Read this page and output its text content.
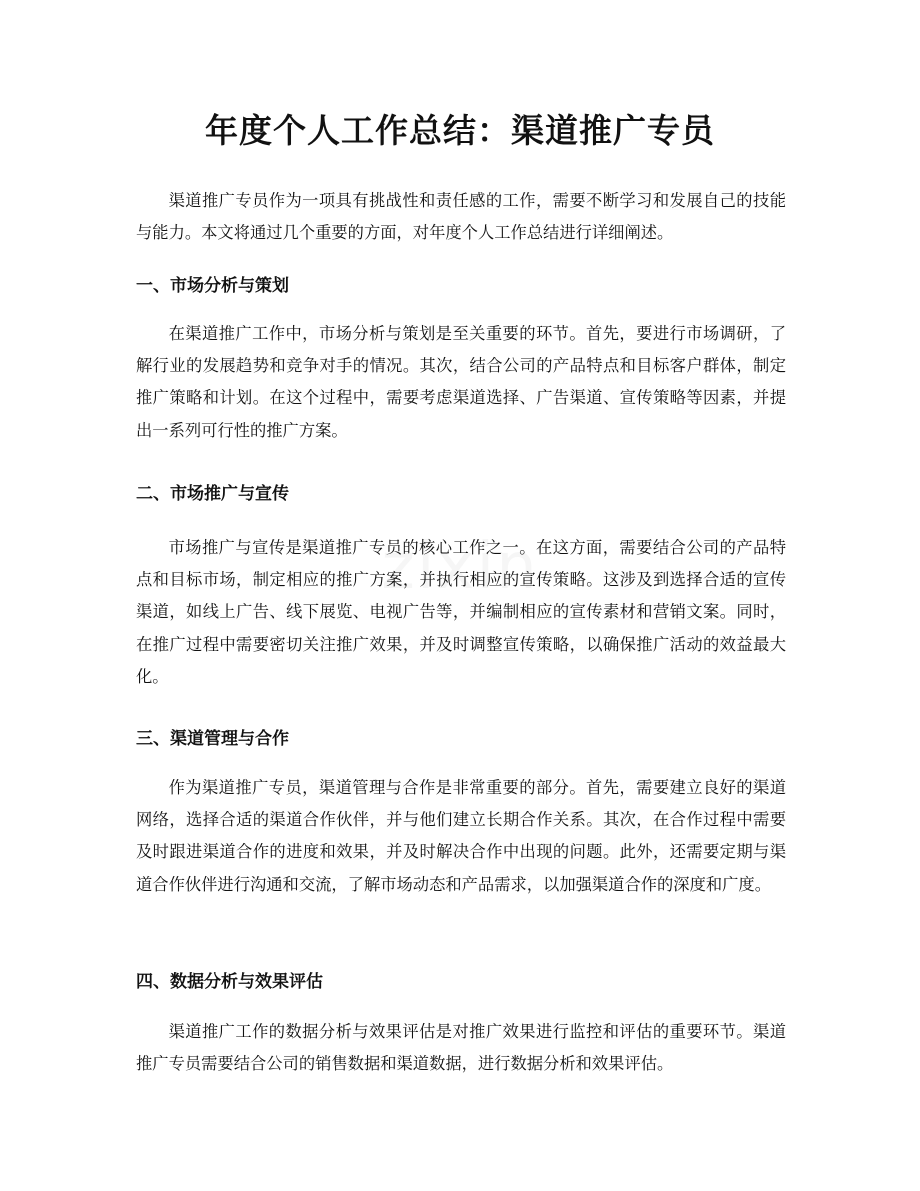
年度个人工作总结：渠道推广专员

渠道推广专员作为一项具有挑战性和责任感的工作，需要不断学习和发展自己的技能与能力。本文将通过几个重要的方面，对年度个人工作总结进行详细阐述。

一、市场分析与策划

在渠道推广工作中，市场分析与策划是至关重要的环节。首先，要进行市场调研，了解行业的发展趋势和竞争对手的情况。其次，结合公司的产品特点和目标客户群体，制定推广策略和计划。在这个过程中，需要考虑渠道选择、广告渠道、宣传策略等因素，并提出一系列可行性的推广方案。

二、市场推广与宣传

市场推广与宣传是渠道推广专员的核心工作之一。在这方面，需要结合公司的产品特点和目标市场，制定相应的推广方案，并执行相应的宣传策略。这涉及到选择合适的宣传渠道，如线上广告、线下展览、电视广告等，并编制相应的宣传素材和营销文案。同时，在推广过程中需要密切关注推广效果，并及时调整宣传策略，以确保推广活动的效益最大化。

三、渠道管理与合作

作为渠道推广专员，渠道管理与合作是非常重要的部分。首先，需要建立良好的渠道网络，选择合适的渠道合作伙伴，并与他们建立长期合作关系。其次，在合作过程中需要及时跟进渠道合作的进度和效果，并及时解决合作中出现的问题。此外，还需要定期与渠道合作伙伴进行沟通和交流，了解市场动态和产品需求，以加强渠道合作的深度和广度。

四、数据分析与效果评估

渠道推广工作的数据分析与效果评估是对推广效果进行监控和评估的重要环节。渠道推广专员需要结合公司的销售数据和渠道数据，进行数据分析和效果评估。
